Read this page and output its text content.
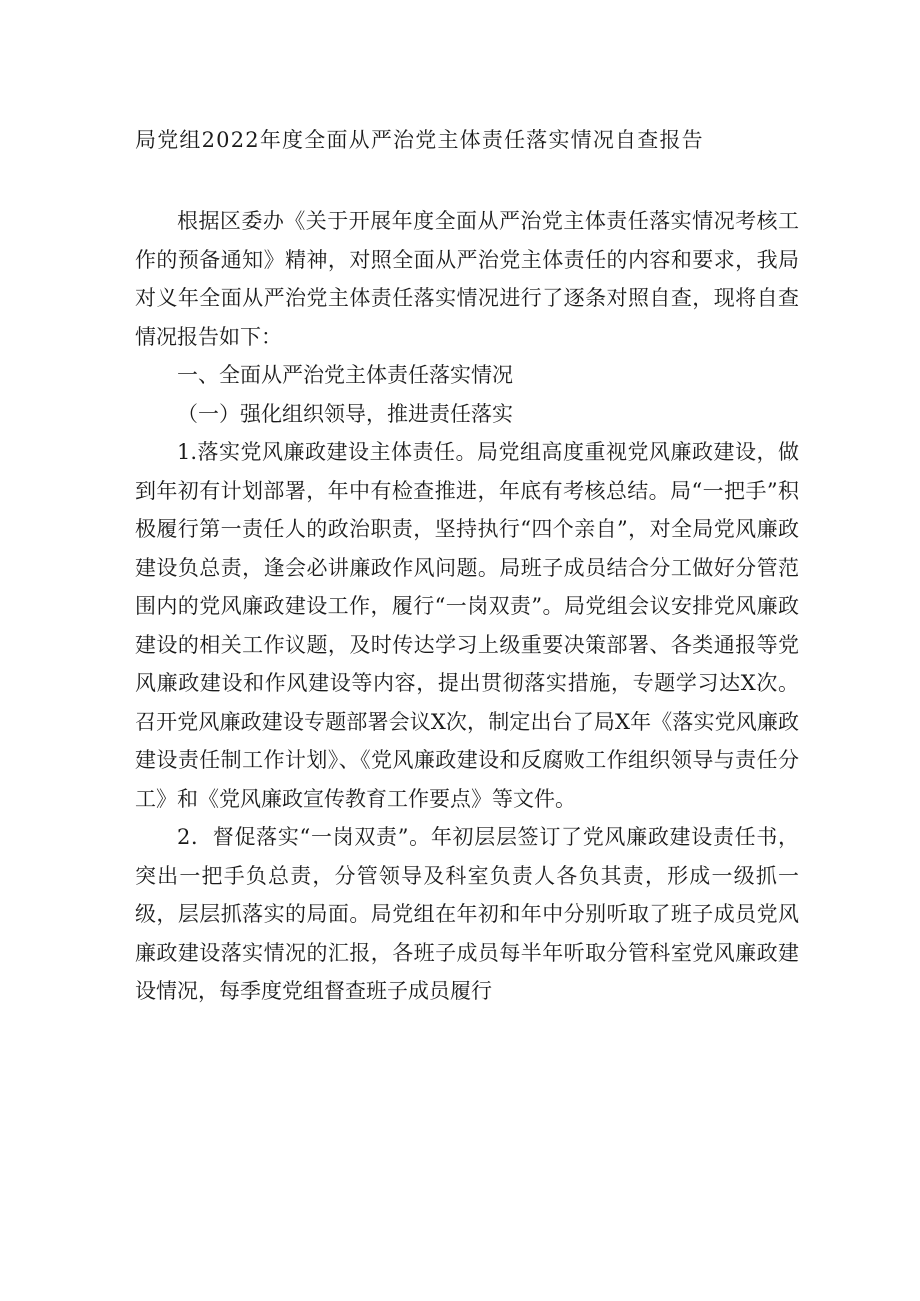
局党组2022年度全面从严治党主体责任落实情况自查报告

根据区委办《关于开展年度全面从严治党主体责任落实情况考核工作的预备通知》精神，对照全面从严治党主体责任的内容和要求，我局对义年全面从严治党主体责任落实情况进行了逐条对照自查，现将自查情况报告如下：

一、全面从严治党主体责任落实情况

（一）强化组织领导，推进责任落实

1.落实党风廉政建设主体责任。局党组高度重视党风廉政建设，做到年初有计划部署，年中有检查推进，年底有考核总结。局“一把手”积极履行第一责任人的政治职责，坚持执行“四个亲自”，对全局党风廉政建设负总责，逢会必讲廉政作风问题。局班子成员结合分工做好分管范围内的党风廉政建设工作，履行“一岗双责”。局党组会议安排党风廉政建设的相关工作议题，及时传达学习上级重要决策部署、各类通报等党风廉政建设和作风建设等内容，提出贯彻落实措施，专题学习达X次。召开党风廉政建设专题部署会议X次，制定出台了局X年《落实党风廉政建设责任制工作计划》、《党风廉政建设和反腐败工作组织领导与责任分工》和《党风廉政宣传教育工作要点》等文件。

2．督促落实“一岗双责”。年初层层签订了党风廉政建设责任书，突出一把手负总责，分管领导及科室负责人各负其责，形成一级抓一级，层层抓落实的局面。局党组在年初和年中分别听取了班子成员党风廉政建设落实情况的汇报，各班子成员每半年听取分管科室党风廉政建设情况，每季度党组督查班子成员履行
